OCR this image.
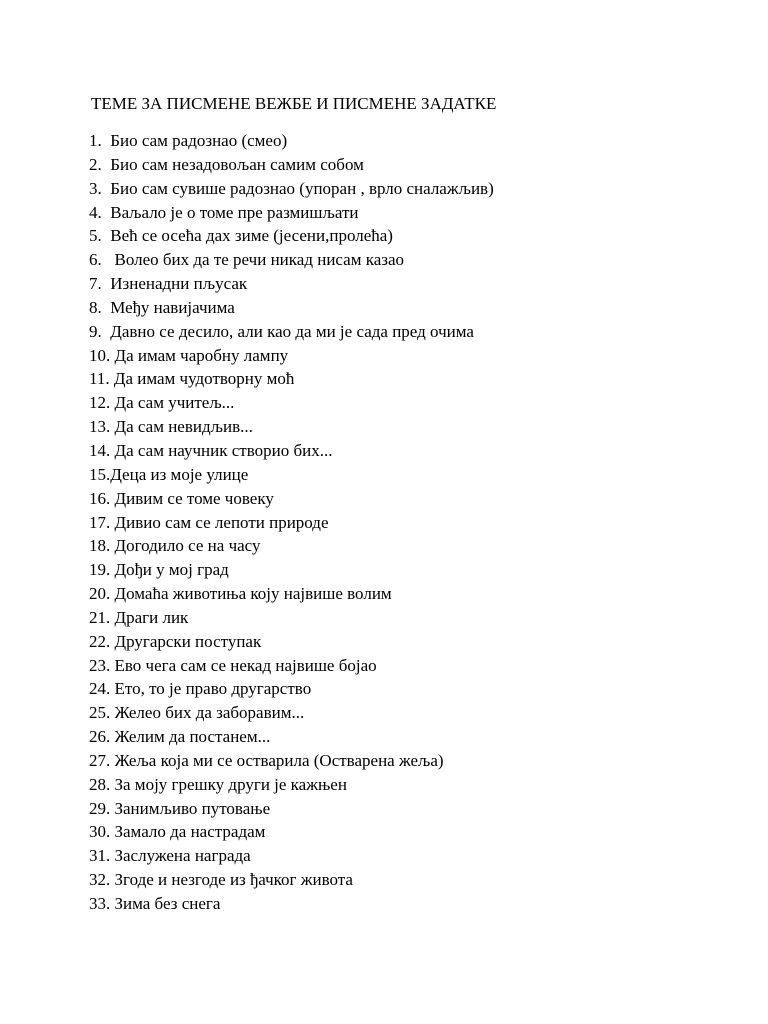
ТЕМЕ ЗА ПИСМЕНЕ ВЕЖБЕ И ПИСМЕНЕ ЗАДАТКЕ
1.  Био сам радознао (смео)
2.  Био сам незадовољан самим собом
3.  Био сам сувише радознао (упоран , врло сналажљив)
4.  Ваљало је о томе пре размишљати
5.  Већ се осећа дах зиме (јесени,пролећа)
6.   Волео бих да те речи никад нисам казао
7.  Изненадни пљусак
8.  Међу навијачима
9.  Давно се десило, али као да ми је сада пред очима
10. Да имам чаробну лампу
11. Да имам чудотворну моћ
12. Да сам учитељ...
13. Да сам невидљив...
14. Да сам научник створио бих...
15.Деца из моје улице
16. Дивим се томе човеку
17. Дивио сам се лепоти природе
18. Догодило се на часу
19. Дођи у мој град
20. Домаћа животиња коју највише волим
21. Драги лик
22. Другарски поступак
23. Ево чега сам се некад највише бојао
24. Ето, то је право другарство
25. Желео бих да заборавим...
26. Желим да постанем...
27. Жеља која ми се остварила (Остварена жеља)
28. За моју грешку други је кажњен
29. Занимљиво путовање
30. Замало да настрадам
31. Заслужена награда
32. Згоде и незгоде из ђачког живота
33. Зима без снега
